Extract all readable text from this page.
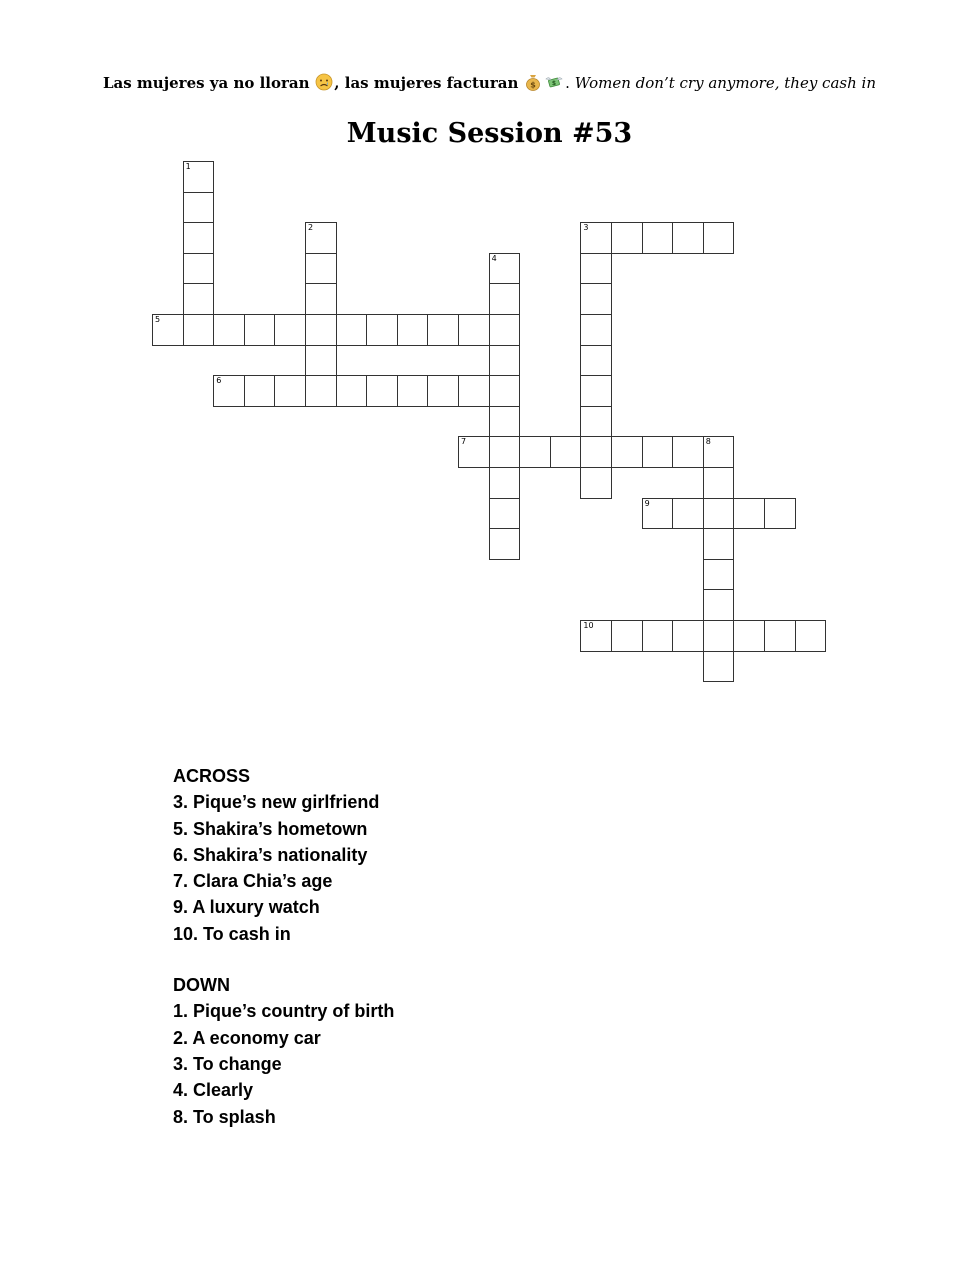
Las mujeres ya no lloran , las mujeres facturan $	$ . Women don’t cry anymore, they cash in
Music Session #53
1
2	3
4
5
6
7	8
9
10
ACROSS
3. Pique’s new girlfriend
5. Shakira’s hometown
6. Shakira’s nationality
7. Clara Chia’s age
9. A luxury watch
10. To cash in
DOWN
1. Pique’s country of birth
2. A economy car
3. To change
4. Clearly
8. To splash
